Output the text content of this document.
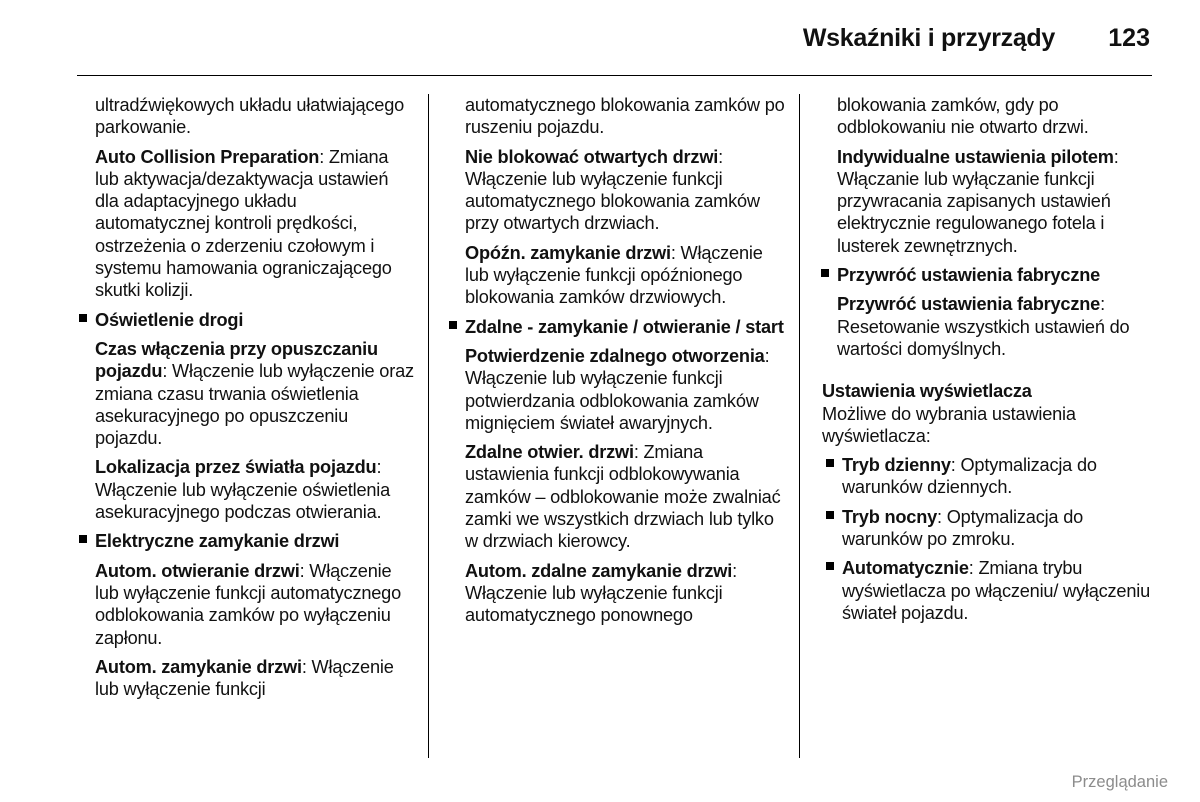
Wskaźniki i przyrządy 123
ultradźwiękowych układu ułatwiającego parkowanie.
Auto Collision Preparation: Zmiana lub aktywacja/dezaktywacja ustawień dla adaptacyjnego układu automatycznej kontroli prędkości, ostrzeżenia o zderzeniu czołowym i systemu hamowania ograniczającego skutki kolizji.
Oświetlenie drogi
Czas włączenia przy opuszczaniu pojazdu: Włączenie lub wyłączenie oraz zmiana czasu trwania oświetlenia asekuracyjnego po opuszczeniu pojazdu.
Lokalizacja przez światła pojazdu: Włączenie lub wyłączenie oświetlenia asekuracyjnego podczas otwierania.
Elektryczne zamykanie drzwi
Autom. otwieranie drzwi: Włączenie lub wyłączenie funkcji automatycznego odblokowania zamków po wyłączeniu zapłonu.
Autom. zamykanie drzwi: Włączenie lub wyłączenie funkcji
automatycznego blokowania zamków po ruszeniu pojazdu.
Nie blokować otwartych drzwi: Włączenie lub wyłączenie funkcji automatycznego blokowania zamków przy otwartych drzwiach.
Opóźn. zamykanie drzwi: Włączenie lub wyłączenie funkcji opóźnionego blokowania zamków drzwiowych.
Zdalne - zamykanie / otwieranie / start
Potwierdzenie zdalnego otworzenia: Włączenie lub wyłączenie funkcji potwierdzania odblokowania zamków mignięciem świateł awaryjnych.
Zdalne otwier. drzwi: Zmiana ustawienia funkcji odblokowywania zamków – odblokowanie może zwalniać zamki we wszystkich drzwiach lub tylko w drzwiach kierowcy.
Autom. zdalne zamykanie drzwi: Włączenie lub wyłączenie funkcji automatycznego ponownego
blokowania zamków, gdy po odblokowaniu nie otwarto drzwi.
Indywidualne ustawienia pilotem: Włączanie lub wyłączanie funkcji przywracania zapisanych ustawień elektrycznie regulowanego fotela i lusterek zewnętrznych.
Przywróć ustawienia fabryczne
Przywróć ustawienia fabryczne: Resetowanie wszystkich ustawień do wartości domyślnych.
Ustawienia wyświetlacza
Możliwe do wybrania ustawienia wyświetlacza:
Tryb dzienny: Optymalizacja do warunków dziennych.
Tryb nocny: Optymalizacja do warunków po zmroku.
Automatycznie: Zmiana trybu wyświetlacza po włączeniu/ wyłączeniu świateł pojazdu.
Przeglądanie
